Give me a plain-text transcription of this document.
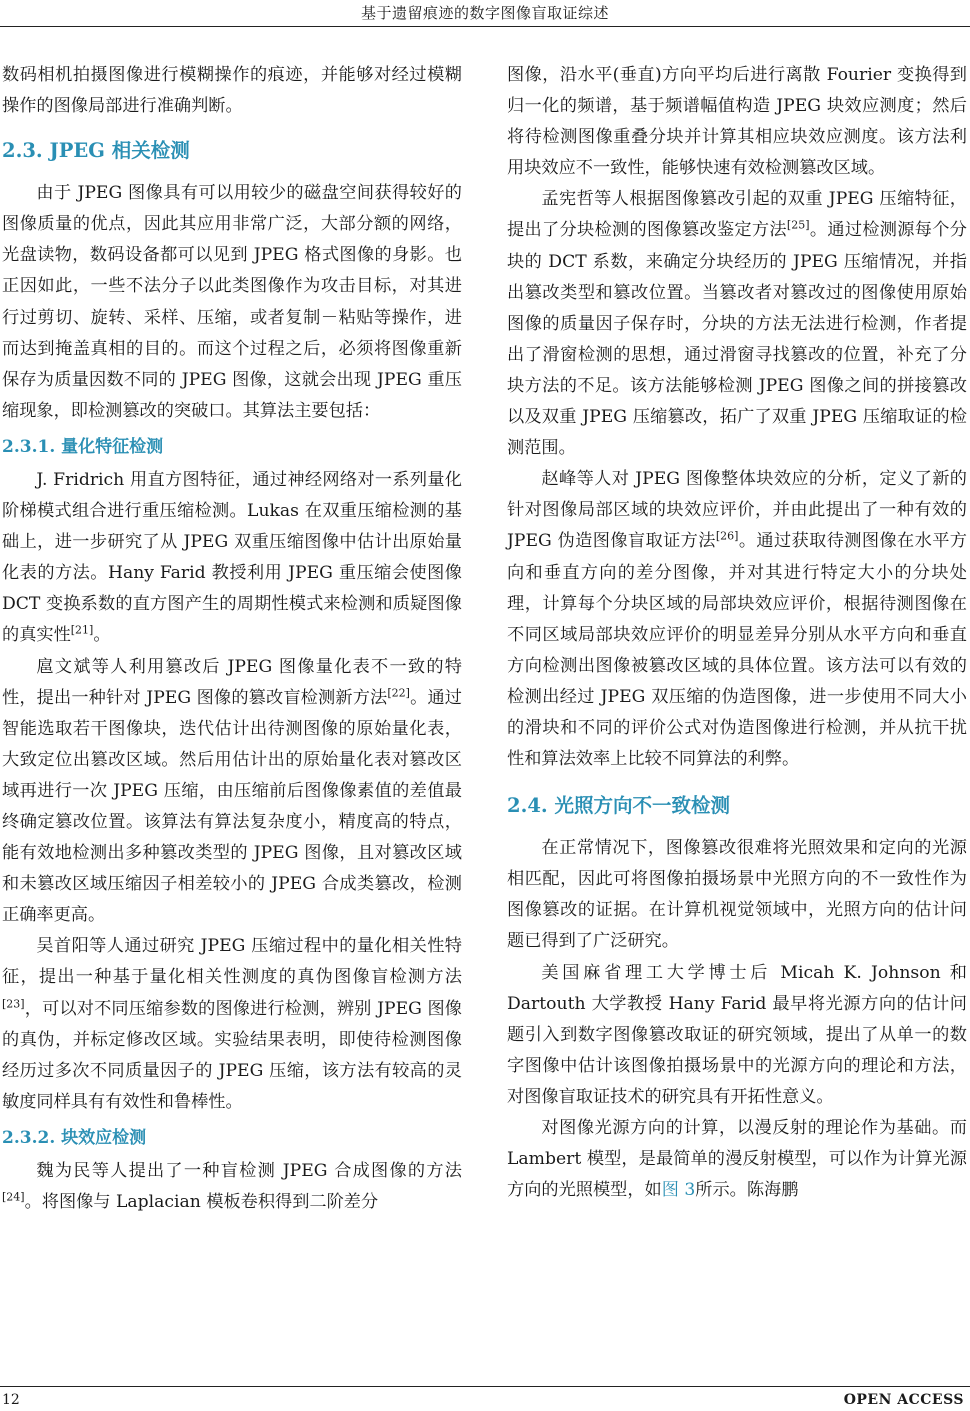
基于遗留痕迹的数字图像盲取证综述

数码相机拍摄图像进行模糊操作的痕迹，并能够对经过模糊操作的图像局部进行准确判断。

2.3. JPEG 相关检测

由于 JPEG 图像具有可以用较少的磁盘空间获得较好的图像质量的优点，因此其应用非常广泛，大部分额的网络，光盘读物，数码设备都可以见到 JPEG 格式图像的身影。也正因如此，一些不法分子以此类图像作为攻击目标，对其进行过剪切、旋转、采样、压缩，或者复制－粘贴等操作，进而达到掩盖真相的目的。而这个过程之后，必须将图像重新保存为质量因数不同的 JPEG 图像，这就会出现 JPEG 重压缩现象，即检测篡改的突破口。其算法主要包括：

2.3.1. 量化特征检测

J. Fridrich 用直方图特征，通过神经网络对一系列量化阶梯模式组合进行重压缩检测。Lukas 在双重压缩检测的基础上，进一步研究了从 JPEG 双重压缩图像中估计出原始量化表的方法。Hany Farid 教授利用 JPEG 重压缩会使图像 DCT 变换系数的直方图产生的周期性模式来检测和质疑图像的真实性[21]。

扈文斌等人利用篡改后 JPEG 图像量化表不一致的特性，提出一种针对 JPEG 图像的篡改盲检测新方法[22]。通过智能选取若干图像块，迭代估计出待测图像的原始量化表，大致定位出篡改区域。然后用估计出的原始量化表对篡改区域再进行一次 JPEG 压缩，由压缩前后图像像素值的差值最终确定篡改位置。该算法有算法复杂度小，精度高的特点，能有效地检测出多种篡改类型的 JPEG 图像，且对篡改区域和未篡改区域压缩因子相差较小的 JPEG 合成类篡改，检测正确率更高。

吴首阳等人通过研究 JPEG 压缩过程中的量化相关性特征，提出一种基于量化相关性测度的真伪图像盲检测方法[23]，可以对不同压缩参数的图像进行检测，辨别 JPEG 图像的真伪，并标定修改区域。实验结果表明，即使待检测图像经历过多次不同质量因子的 JPEG 压缩，该方法有较高的灵敏度同样具有有效性和鲁棒性。

2.3.2. 块效应检测

魏为民等人提出了一种盲检测 JPEG 合成图像的方法[24]。将图像与 Laplacian 模板卷积得到二阶差分

图像，沿水平(垂直)方向平均后进行离散 Fourier 变换得到归一化的频谱，基于频谱幅值构造 JPEG 块效应测度；然后将待检测图像重叠分块并计算其相应块效应测度。该方法利用块效应不一致性，能够快速有效检测篡改区域。

孟宪哲等人根据图像篡改引起的双重 JPEG 压缩特征，提出了分块检测的图像篡改鉴定方法[25]。通过检测源每个分块的 DCT 系数，来确定分块经历的 JPEG 压缩情况，并指出篡改类型和篡改位置。当篡改者对篡改过的图像使用原始图像的质量因子保存时，分块的方法无法进行检测，作者提出了滑窗检测的思想，通过滑窗寻找篡改的位置，补充了分块方法的不足。该方法能够检测 JPEG 图像之间的拼接篡改以及双重 JPEG 压缩篡改，拓广了双重 JPEG 压缩取证的检测范围。

赵峰等人对 JPEG 图像整体块效应的分析，定义了新的针对图像局部区域的块效应评价，并由此提出了一种有效的 JPEG 伪造图像盲取证方法[26]。通过获取待测图像在水平方向和垂直方向的差分图像，并对其进行特定大小的分块处理，计算每个分块区域的局部块效应评价，根据待测图像在不同区域局部块效应评价的明显差异分别从水平方向和垂直方向检测出图像被篡改区域的具体位置。该方法可以有效的检测出经过 JPEG 双压缩的伪造图像，进一步使用不同大小的滑块和不同的评价公式对伪造图像进行检测，并从抗干扰性和算法效率上比较不同算法的利弊。

2.4. 光照方向不一致检测

在正常情况下，图像篡改很难将光照效果和定向的光源相匹配，因此可将图像拍摄场景中光照方向的不一致性作为图像篡改的证据。在计算机视觉领域中，光照方向的估计问题已得到了广泛研究。

美国麻省理工大学博士后 Micah K. Johnson 和 Dartouth 大学教授 Hany Farid 最早将光源方向的估计问题引入到数字图像篡改取证的研究领域，提出了从单一的数字图像中估计该图像拍摄场景中的光源方向的理论和方法，对图像盲取证技术的研究具有开拓性意义。

对图像光源方向的计算，以漫反射的理论作为基础。而 Lambert 模型，是最简单的漫反射模型，可以作为计算光源方向的光照模型，如图 3所示。陈海鹏

12	OPEN ACCESS
